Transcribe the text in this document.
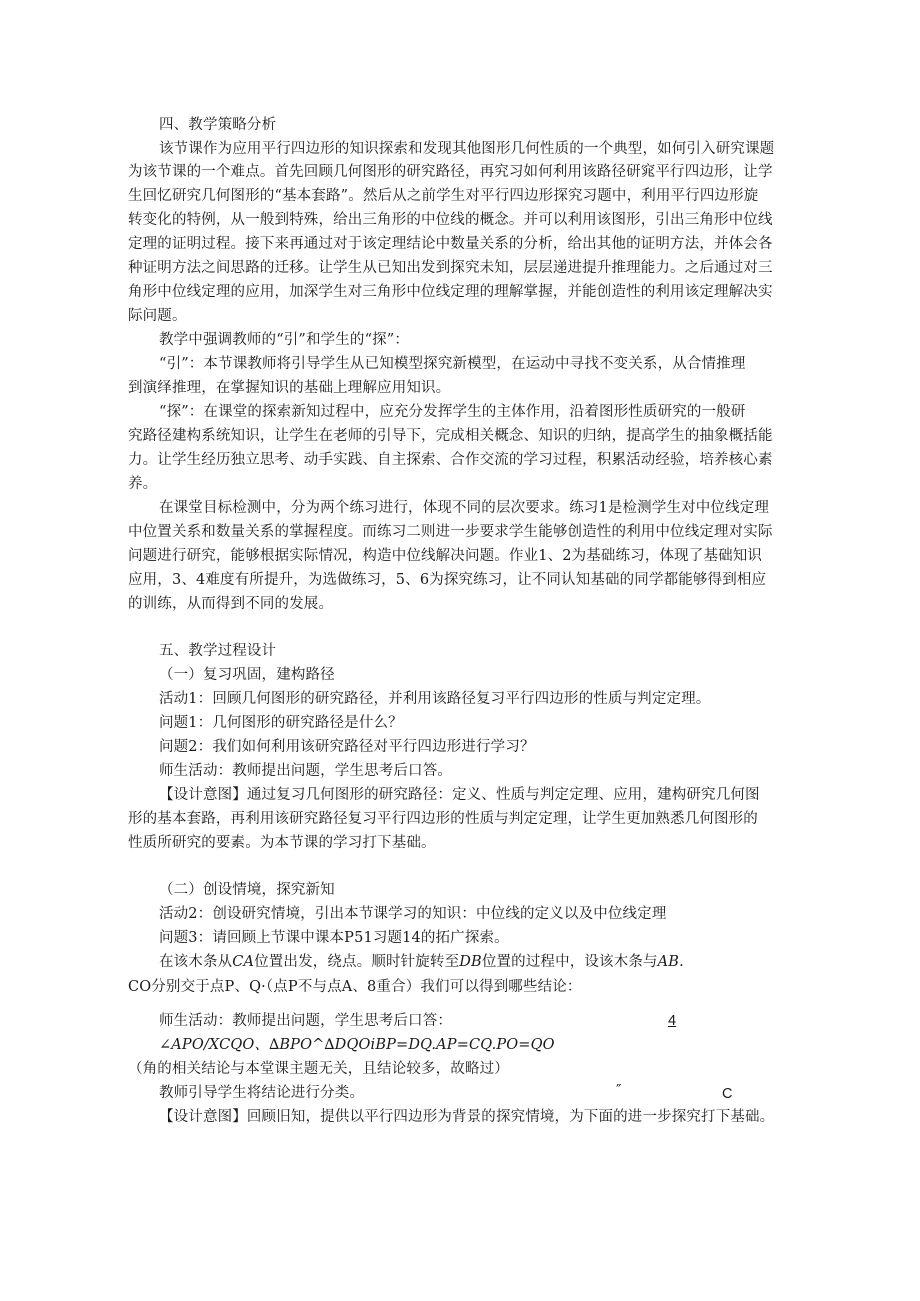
四、教学策略分析
该节课作为应用平行四边形的知识探索和发现其他图形几何性质的一个典型，如何引入研究课题
为该节课的一个难点。首先回顾几何图形的研究路径，再究习如何利用该路径研窕平行四边形，让学
生回忆研究几何图形的“基本套路”。然后从之前学生对平行四边形探究习题中，利用平行四边形旋
转变化的特例，从一般到特殊，给出三角形的中位线的概念。并可以利用该图形，引出三角形中位线
定理的证明过程。接下来再通过对于该定理结论中数量关系的分析，给出其他的证明方法，并体会各
种证明方法之间思路的迁移。让学生从已知出发到探究未知，层层递进提升推理能力。之后通过对三
角形中位线定理的应用，加深学生对三角形中位线定理的理解掌握，并能创造性的利用该定理解决实
际问题。
教学中强调教师的“引”和学生的“探”：
“引”：本节课教师将引导学生从已知模型探究新模型，在运动中寻找不变关系，从合情推理
到演绎推理，在掌握知识的基础上理解应用知识。
“探”：在课堂的探索新知过程中，应充分发挥学生的主体作用，沿着图形性质研究的一般研
究路径建构系统知识，让学生在老师的引导下，完成相关概念、知识的归纳，提高学生的抽象概括能
力。让学生经历独立思考、动手实践、自主探索、合作交流的学习过程，积累活动经验，培养核心素
养。
在课堂目标检测中，分为两个练习进行，体现不同的层次要求。练习1是检测学生对中位线定理
中位置关系和数量关系的掌握程度。而练习二则进一步要求学生能够创造性的利用中位线定理对实际
问题进行研究，能够根据实际情况，构造中位线解决问题。作业1、2为基础练习，体现了基础知识
应用，3、4难度有所提升，为选做练习，5、6为探究练习，让不同认知基础的同学都能够得到相应
的训练，从而得到不同的发展。
五、教学过程设计
（一）复习巩固，建构路径
活动1：回顾几何图形的研究路径，并利用该路径复习平行四边形的性质与判定定理。
问题1：几何图形的研究路径是什么？
问题2：我们如何利用该研究路径对平行四边形进行学习？
师生活动：教师提出问题，学生思考后口答。
【设计意图】通过复习几何图形的研究路径：定义、性质与判定定理、应用，建构研究几何图
形的基本套路，再利用该研究路径复习平行四边形的性质与判定定理，让学生更加熟悉几何图形的
性质所研究的要素。为本节课的学习打下基础。
（二）创设情境，探究新知
活动2：创设研究情境，引出本节课学习的知识：中位线的定义以及中位线定理
问题3：请回顾上节课中课本P51习题14的拓广探索。
在该木条从CA位置出发，绕点。顺时针旋转至DB位置的过程中，设该木条与AB.
CO分别交于点P、Q·（点P不与点A、8重合）我们可以得到哪些结论：
师生活动：教师提出问题，学生思考后口答：	4
∠APO/XCQO、∆BPO^∆DQOiBP=DQ.AP=CQ.PO=QO
（角的相关结论与本堂课主题无关，且结论较多，故略过）
教师引导学生将结论进行分类。	″	C
【设计意图】回顾旧知，提供以平行四边形为背景的探究情境，为下面的进一步探究打下基础。
